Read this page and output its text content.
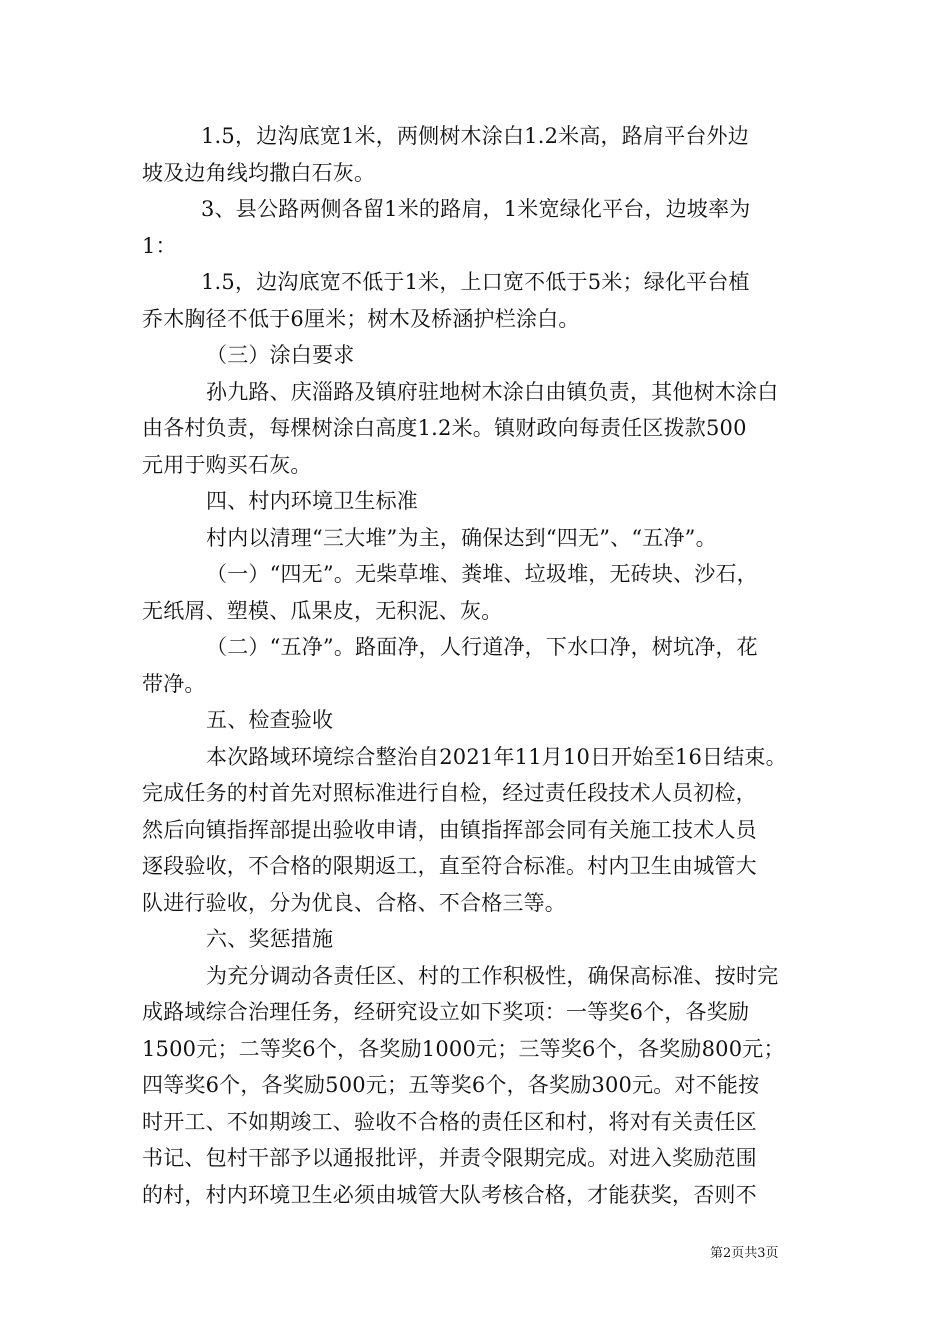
1.5，边沟底宽1米，两侧树木涂白1.2米高，路肩平台外边
坡及边角线均撒白石灰。
3、县公路两侧各留1米的路肩，1米宽绿化平台，边坡率为
1：
1.5，边沟底宽不低于1米，上口宽不低于5米；绿化平台植
乔木胸径不低于6厘米；树木及桥涵护栏涂白。
（三）涂白要求
孙九路、庆淄路及镇府驻地树木涂白由镇负责，其他树木涂白
由各村负责，每棵树涂白高度1.2米。镇财政向每责任区拨款500
元用于购买石灰。
四、村内环境卫生标准
村内以清理“三大堆”为主，确保达到“四无”、“五净”。
（一）“四无”。无柴草堆、粪堆、垃圾堆，无砖块、沙石，
无纸屑、塑模、瓜果皮，无积泥、灰。
（二）“五净”。路面净，人行道净，下水口净，树坑净，花
带净。
五、检查验收
本次路域环境综合整治自2021年11月10日开始至16日结束。
完成任务的村首先对照标准进行自检，经过责任段技术人员初检，
然后向镇指挥部提出验收申请，由镇指挥部会同有关施工技术人员
逐段验收，不合格的限期返工，直至符合标准。村内卫生由城管大
队进行验收，分为优良、合格、不合格三等。
六、奖惩措施
为充分调动各责任区、村的工作积极性，确保高标准、按时完
成路域综合治理任务，经研究设立如下奖项：一等奖6个，各奖励
1500元；二等奖6个，各奖励1000元；三等奖6个，各奖励800元；
四等奖6个，各奖励500元；五等奖6个，各奖励300元。对不能按
时开工、不如期竣工、验收不合格的责任区和村，将对有关责任区
书记、包村干部予以通报批评，并责令限期完成。对进入奖励范围
的村，村内环境卫生必须由城管大队考核合格，才能获奖，否则不
第2页共3页
